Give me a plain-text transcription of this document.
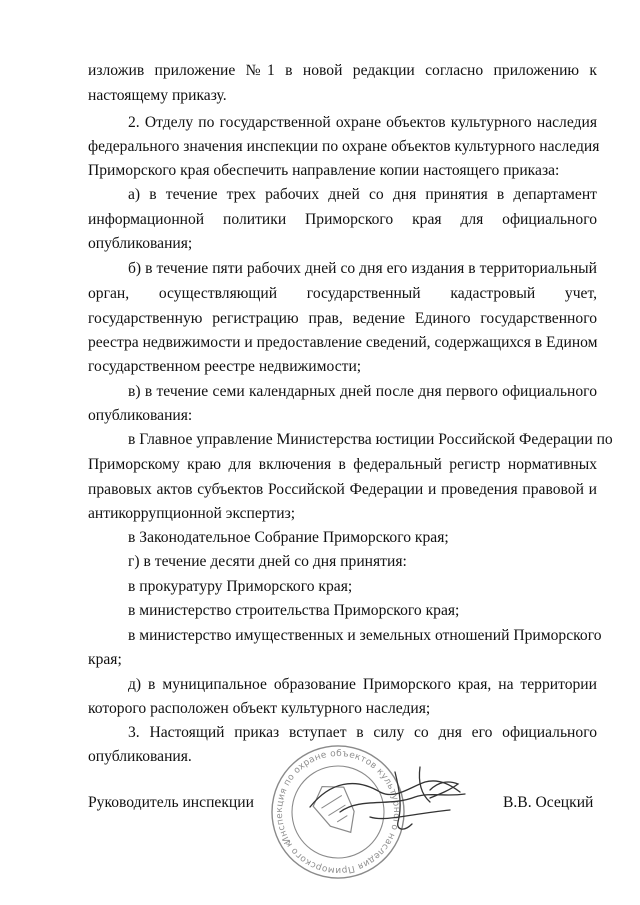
изложив приложение №1 в новой редакции согласно приложению к
настоящему приказу.
2. Отделу по государственной охране объектов культурного наследия
федерального значения инспекции по охране объектов культурного наследия
Приморского края обеспечить направление копии настоящего приказа:
а) в течение трех рабочих дней со дня принятия в департамент
информационной политики Приморского края для официального
опубликования;
б) в течение пяти рабочих дней со дня его издания в территориальный
орган, осуществляющий государственный кадастровый учет,
государственную регистрацию прав, ведение Единого государственного
реестра недвижимости и предоставление сведений, содержащихся в Едином
государственном реестре недвижимости;
в) в течение семи календарных дней после дня первого официального
опубликования:
в Главное управление Министерства юстиции Российской Федерации по
Приморскому краю для включения в федеральный регистр нормативных
правовых актов субъектов Российской Федерации и проведения правовой и
антикоррупционной экспертиз;
в Законодательное Собрание Приморского края;
г) в течение десяти дней со дня принятия:
в прокуратуру Приморского края;
в министерство строительства Приморского края;
в министерство имущественных и земельных отношений Приморского
края;
д) в муниципальное образование Приморского края, на территории
которого расположен объект культурного наследия;
3. Настоящий приказ вступает в силу со дня его официального
опубликования.
Инспекция по охране объектов культурного наследия Приморского края
Руководитель инспекции	В.В. Осецкий
